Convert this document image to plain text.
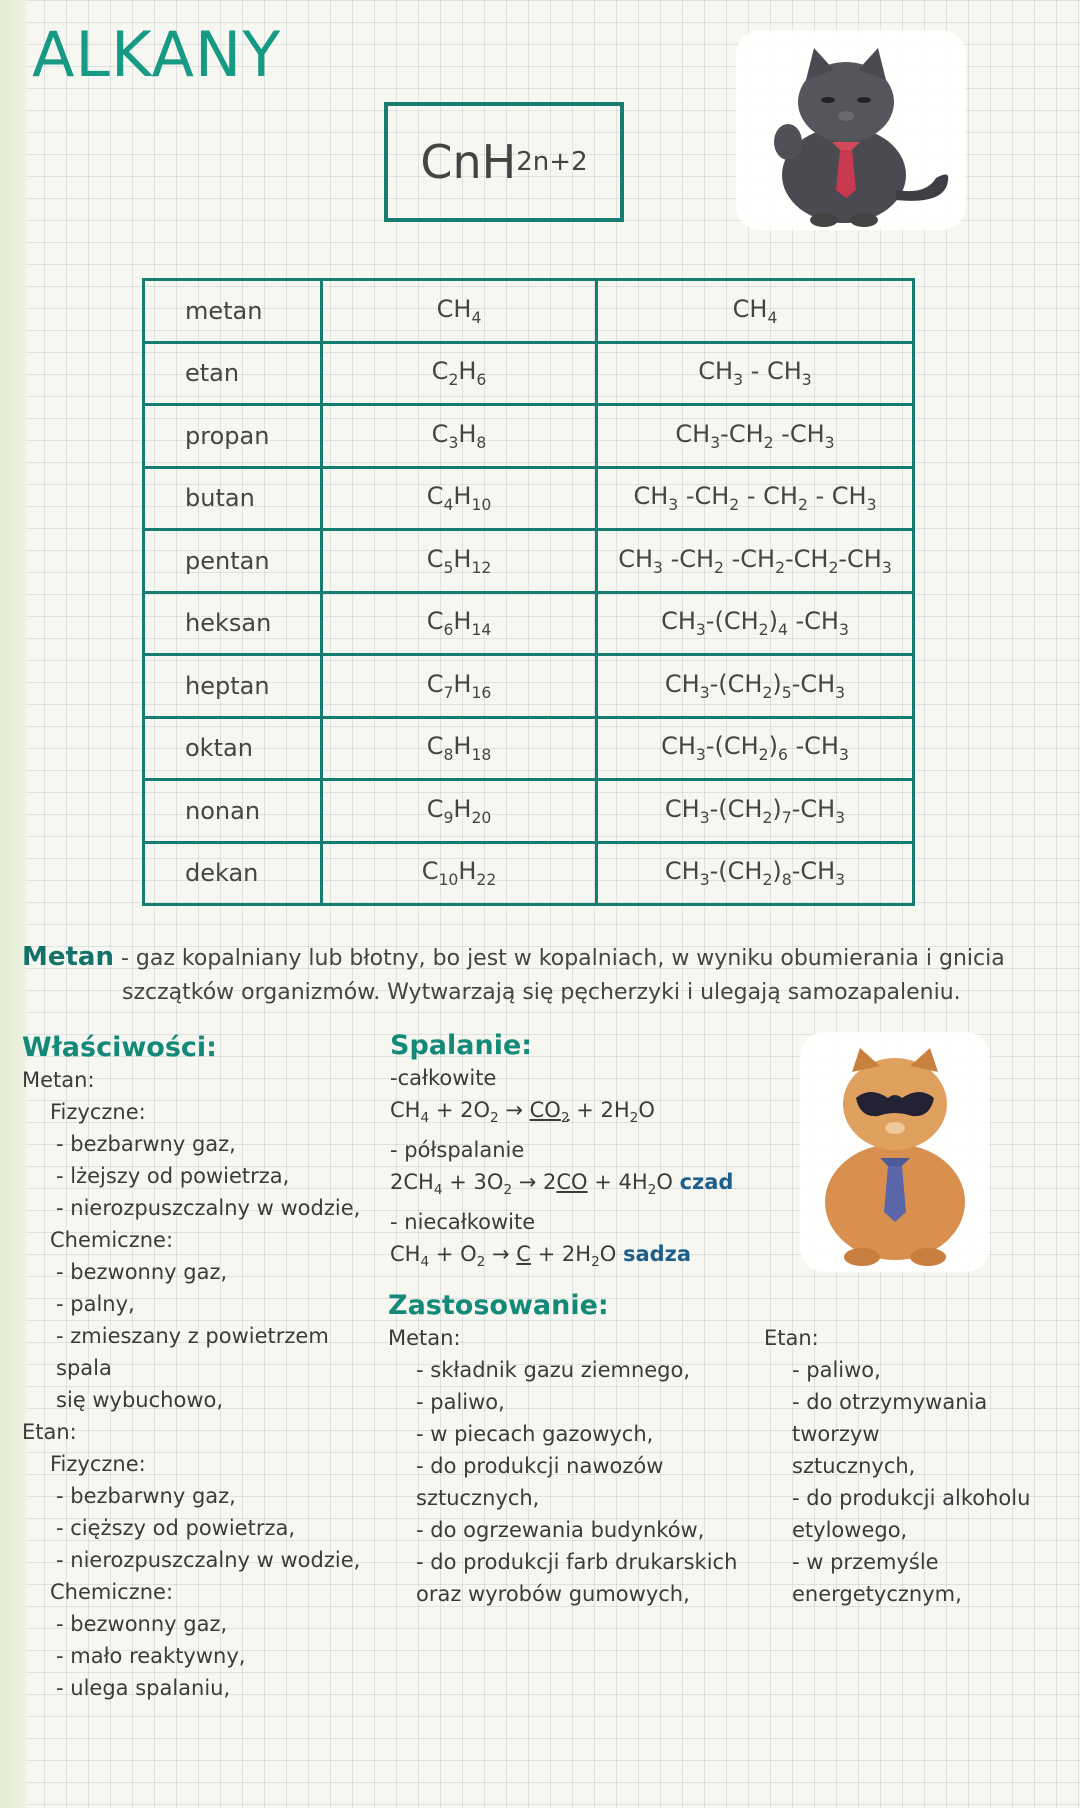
ALKANY
CnH 2n +2
metan	$CH_4$	$CH_4$
etan	$C_2H_6$	$CH_3 - CH_3$
propan	$C_3H_8$	$CH_3-CH_2$ $-CH_3$
butan	$C_4H_{10}$	$CH_3$ $-CH_2 - CH_2 - CH_3$
pentan	$C_5H_{12}$	$CH_3$ $-CH_2$ $-CH_2-CH_2-CH_3$
heksan	$C_6H_{14}$	$CH_3-(CH_2)_4$ $-CH_3$
heptan	$C_7H_{16}$	$CH_3-(CH_2)_5-CH_3$
oktan	$C_8H_{18}$	$CH_3-(CH_2)_6$ $-CH_3$
nonan	$C_9H_{20}$	$CH_3-(CH_2)_7-CH_3$
dekan	$C_{10}H_{22}$	$CH_3-(CH_2)_8-CH_3$
Metan - gaz kopalniany lub błotny, bo jest w kopalniach, w wyniku obumierania i gnicia
szczątków organizmów. Wytwarzają się pęcherzyki i ulegają samozapaleniu.
Właściwości:
Metan:
Fizyczne:
- bezbarwny gaz,
- lżejszy od powietrza,
- nierozpuszczalny w wodzie,
Chemiczne:
- bezwonny gaz,
- palny,
- zmieszany z powietrzem spala
się wybuchowo,
Etan:
Fizyczne:
- bezbarwny gaz,
- cięższy od powietrza,
- nierozpuszczalny w wodzie,
Chemiczne:
- bezwonny gaz,
- mało reaktywny,
- ulega spalaniu,
Spalanie:
-całkowite
$CH_4 + 2O_2 \to CO_2 + 2H_2O$
- półspalanie
$2CH_4 + 3O_2 \to 2CO + 4H_2O$ czad
- niecałkowite
$CH_4 + O_2 \to C + 2H_2O$ sadza
Zastosowanie:
Metan:
- składnik gazu ziemnego,
- paliwo,
- w piecach gazowych,
- do produkcji nawozów
sztucznych,
- do ogrzewania budynków,
- do produkcji farb drukarskich
oraz wyrobów gumowych,
Etan:
- paliwo,
- do otrzymywania tworzyw
sztucznych,
- do produkcji alkoholu
etylowego,
- w przemyśle energetycznym,
